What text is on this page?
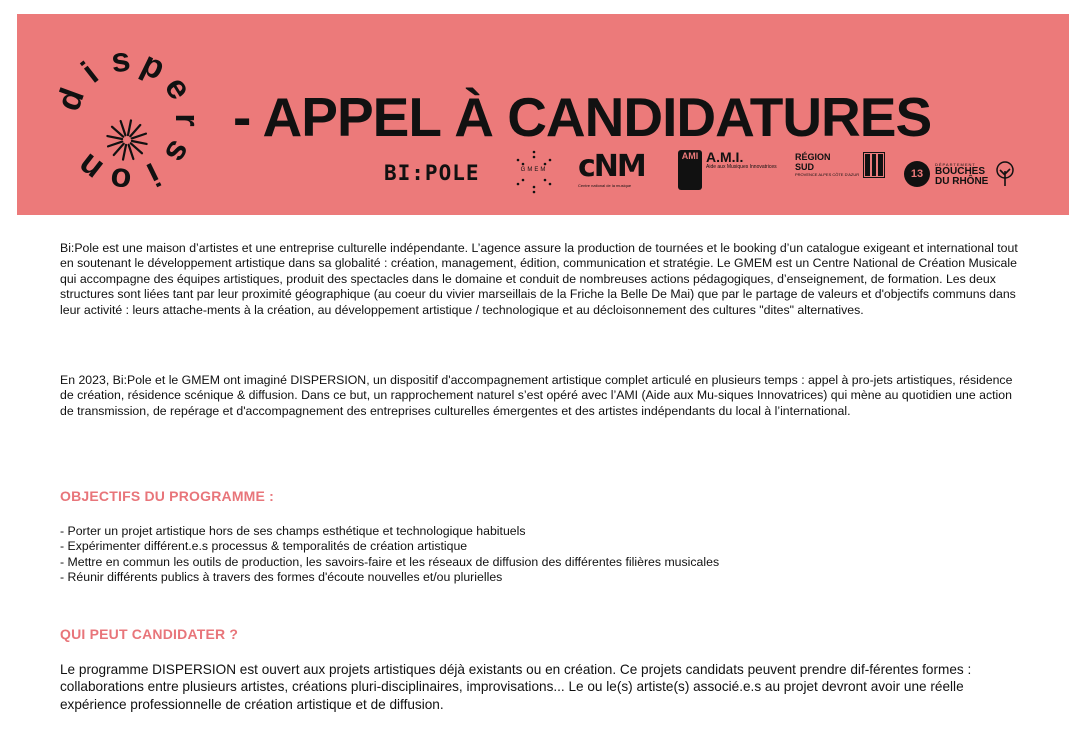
d
i s p
e
r
s
i
o
n
- APPEL À CANDIDATURES
BI:POLE	GMEM	cNM
Centre national de la musique
AMI A.M.I.
Aide aux Musiques Innovatrices
RÉGION
SUD
PROVENCE ALPES CÔTE D'AZUR	13
DÉPARTEMENT
BOUCHES
DU RHÔNE

Bi:Pole est une maison d’artistes et une entreprise culturelle indépendante. L’agence assure la production de tournées et le booking d’un catalogue exigeant et international tout en soutenant le développement artistique dans sa globalité : création, management, édition, communication et stratégie. Le GMEM est un Centre National de Création Musicale qui accompagne des équipes artistiques, produit des spectacles dans le domaine et conduit de nombreuses actions pédagogiques, d’enseignement, de formation. Les deux structures sont liées tant par leur proximité géographique (au coeur du vivier marseillais de la Friche la Belle De Mai) que par le partage de valeurs et d'objectifs communs dans leur activité : leurs attache-ments à la création, au développement artistique / technologique et au décloisonnement des cultures "dites" alternatives.

En 2023, Bi:Pole et le GMEM ont imaginé DISPERSION, un dispositif d'accompagnement artistique complet articulé en plusieurs temps : appel à pro-jets artistiques, résidence de création, résidence scénique & diffusion. Dans ce but, un rapprochement naturel s’est opéré avec l’AMI (Aide aux Mu-siques Innovatrices) qui mène au quotidien une action de transmission, de repérage et d'accompagnement des entreprises culturelles émergentes et des artistes indépendants du local à l’international.

OBJECTIFS DU PROGRAMME :
- Porter un projet artistique hors de ses champs esthétique et technologique habituels
- Expérimenter différent.e.s processus & temporalités de création artistique
- Mettre en commun les outils de production, les savoirs-faire et les réseaux de diffusion des différentes filières musicales
- Réunir différents publics à travers des formes d'écoute nouvelles et/ou plurielles
QUI PEUT CANDIDATER ?

Le programme DISPERSION est ouvert aux projets artistiques déjà existants ou en création. Ce projets candidats peuvent prendre dif-férentes formes : collaborations entre plusieurs artistes, créations pluri-disciplinaires, improvisations... Le ou le(s) artiste(s) associé.e.s au projet devront avoir une réelle expérience professionnelle de création artistique et de diffusion.
